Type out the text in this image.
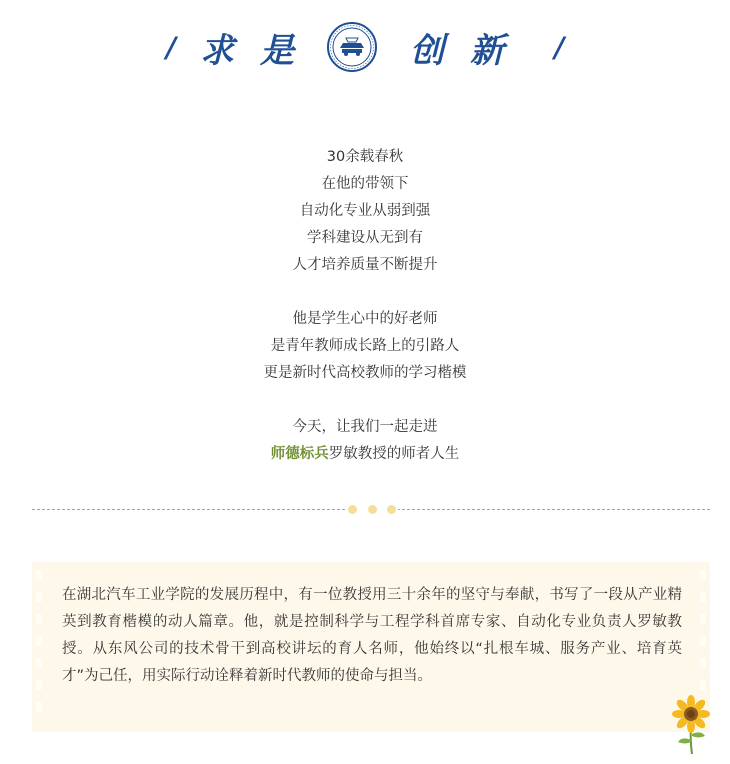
/ 求是	创新 /
30余载春秋
在他的带领下
自动化专业从弱到强
学科建设从无到有
人才培养质量不断提升
他是学生心中的好老师
是青年教师成长路上的引路人
更是新时代高校教师的学习楷模
今天，让我们一起走进
师德标兵罗敏教授的师者人生
在湖北汽车工业学院的发展历程中，有一位教授用三十余年的坚守与奉献，书写了一段从产业精英到教育楷模的动人篇章。他，就是控制科学与工程学科首席专家、自动化专业负责人罗敏教授。从东风公司的技术骨干到高校讲坛的育人名师，他始终以“扎根车城、服务产业、培育英才”为己任，用实际行动诠释着新时代教师的使命与担当。
